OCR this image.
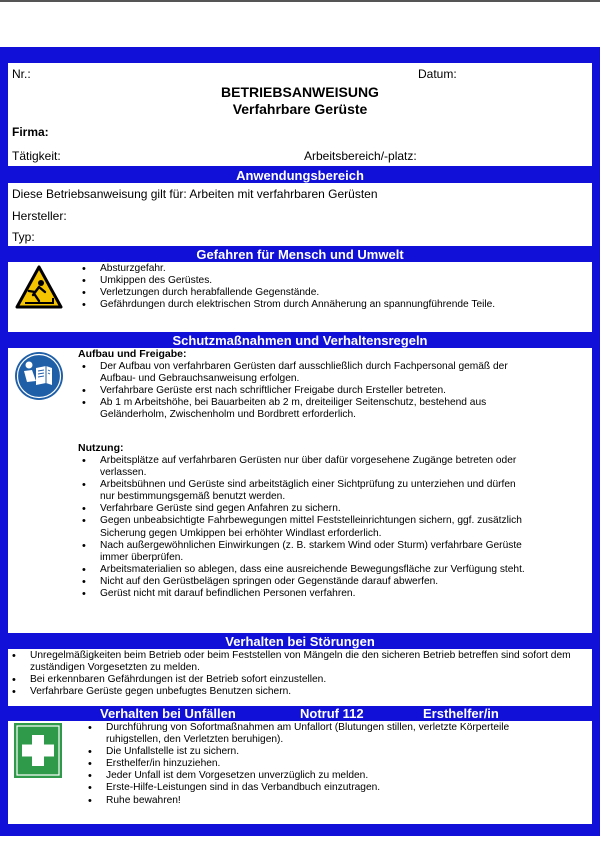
Nr.:	Datum:
BETRIEBSANWEISUNG
Verfahrbare Gerüste
Firma:
Tätigkeit:	Arbeitsbereich/-platz:
Anwendungsbereich
Diese Betriebsanweisung gilt für: Arbeiten mit verfahrbaren Gerüsten
Hersteller:
Typ:
Gefahren für Mensch und Umwelt
• Absturzgefahr.
• Umkippen des Gerüstes.
• Verletzungen durch herabfallende Gegenstände.
• Gefährdungen durch elektrischen Strom durch Annäherung an spannungführende Teile.
Schutzmaßnahmen und Verhaltensregeln
Aufbau und Freigabe:
• Der Aufbau von verfahrbaren Gerüsten darf ausschließlich durch Fachpersonal gemäß der Aufbau- und Gebrauchsanweisung erfolgen.
• Verfahrbare Gerüste erst nach schriftlicher Freigabe durch Ersteller betreten.
• Ab 1 m Arbeitshöhe, bei Bauarbeiten ab 2 m, dreiteiliger Seitenschutz, bestehend aus Geländerholm, Zwischenholm und Bordbrett erforderlich.
Nutzung:
• Arbeitsplätze auf verfahrbaren Gerüsten nur über dafür vorgesehene Zugänge betreten oder verlassen.
• Arbeitsbühnen und Gerüste sind arbeitstäglich einer Sichtprüfung zu unterziehen und dürfen nur bestimmungsgemäß benutzt werden.
• Verfahrbare Gerüste sind gegen Anfahren zu sichern.
• Gegen unbeabsichtigte Fahrbewegungen mittel Feststelleinrichtungen sichern, ggf. zusätzlich Sicherung gegen Umkippen bei erhöhter Windlast erforderlich.
• Nach außergewöhnlichen Einwirkungen (z. B. starkem Wind oder Sturm) verfahrbare Gerüste immer überprüfen.
• Arbeitsmaterialien so ablegen, dass eine ausreichende Bewegungsfläche zur Verfügung steht.
• Nicht auf den Gerüstbelägen springen oder Gegenstände darauf abwerfen.
• Gerüst nicht mit darauf befindlichen Personen verfahren.
Verhalten bei Störungen
• Unregelmäßigkeiten beim Betrieb oder beim Feststellen von Mängeln die den sicheren Betrieb betreffen sind sofort dem zuständigen Vorgesetzten zu melden.
• Bei erkennbaren Gefährdungen ist der Betrieb sofort einzustellen.
• Verfahrbare Gerüste gegen unbefugtes Benutzen sichern.
Verhalten bei Unfällen	Notruf 112	Ersthelfer/in
• Durchführung von Sofortmaßnahmen am Unfallort (Blutungen stillen, verletzte Körperteile ruhigstellen, den Verletzten beruhigen).
• Die Unfallstelle ist zu sichern.
• Ersthelfer/in hinzuziehen.
• Jeder Unfall ist dem Vorgesetzen unverzüglich zu melden.
• Erste-Hilfe-Leistungen sind in das Verbandbuch einzutragen.
• Ruhe bewahren!
